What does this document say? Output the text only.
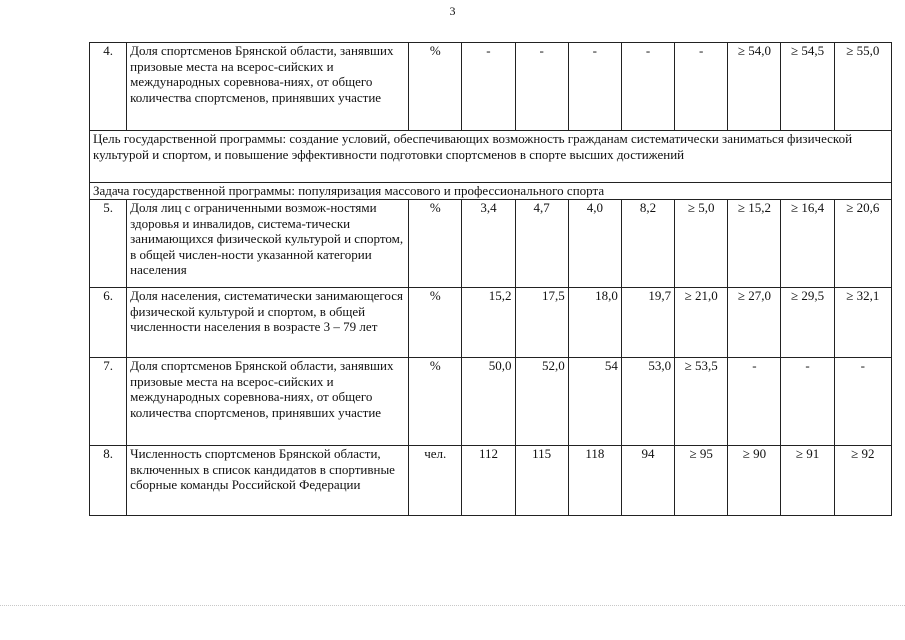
3
4.	Доля спортсменов Брянской области, занявших призовые места на всерос-сийских и международных соревнова-ниях, от общего количества спортсменов, принявших участие	%	-	-	-	-	-	≥ 54,0	≥ 54,5	≥ 55,0
Цель государственной программы: создание условий, обеспечивающих возможность гражданам систематически заниматься физической культурой и спортом, и повышение эффективности подготовки спортсменов в спорте высших достижений										
Задача государственной программы: популяризация массового и профессионального спорта										
5.	Доля лиц с ограниченными возмож-ностями здоровья и инвалидов, система-тически занимающихся физической культурой и спортом, в общей числен-ности указанной категории населения	%	3,4	4,7	4,0	8,2	≥ 5,0	≥ 15,2	≥ 16,4	≥ 20,6
6.	Доля населения, систематически занимающегося физической культурой и спортом, в общей численности населения в возрасте 3 – 79 лет	%	15,2	17,5	18,0	19,7	≥ 21,0	≥ 27,0	≥ 29,5	≥ 32,1
7.	Доля спортсменов Брянской области, занявших призовые места на всерос-сийских и международных соревнова-ниях, от общего количества спортсменов, принявших участие	%	50,0	52,0	54	53,0	≥ 53,5	-	-	-
8.	Численность спортсменов Брянской области, включенных в список кандидатов в спортивные сборные команды Российской Федерации	чел.	112	115	118	94	≥ 95	≥ 90	≥ 91	≥ 92
